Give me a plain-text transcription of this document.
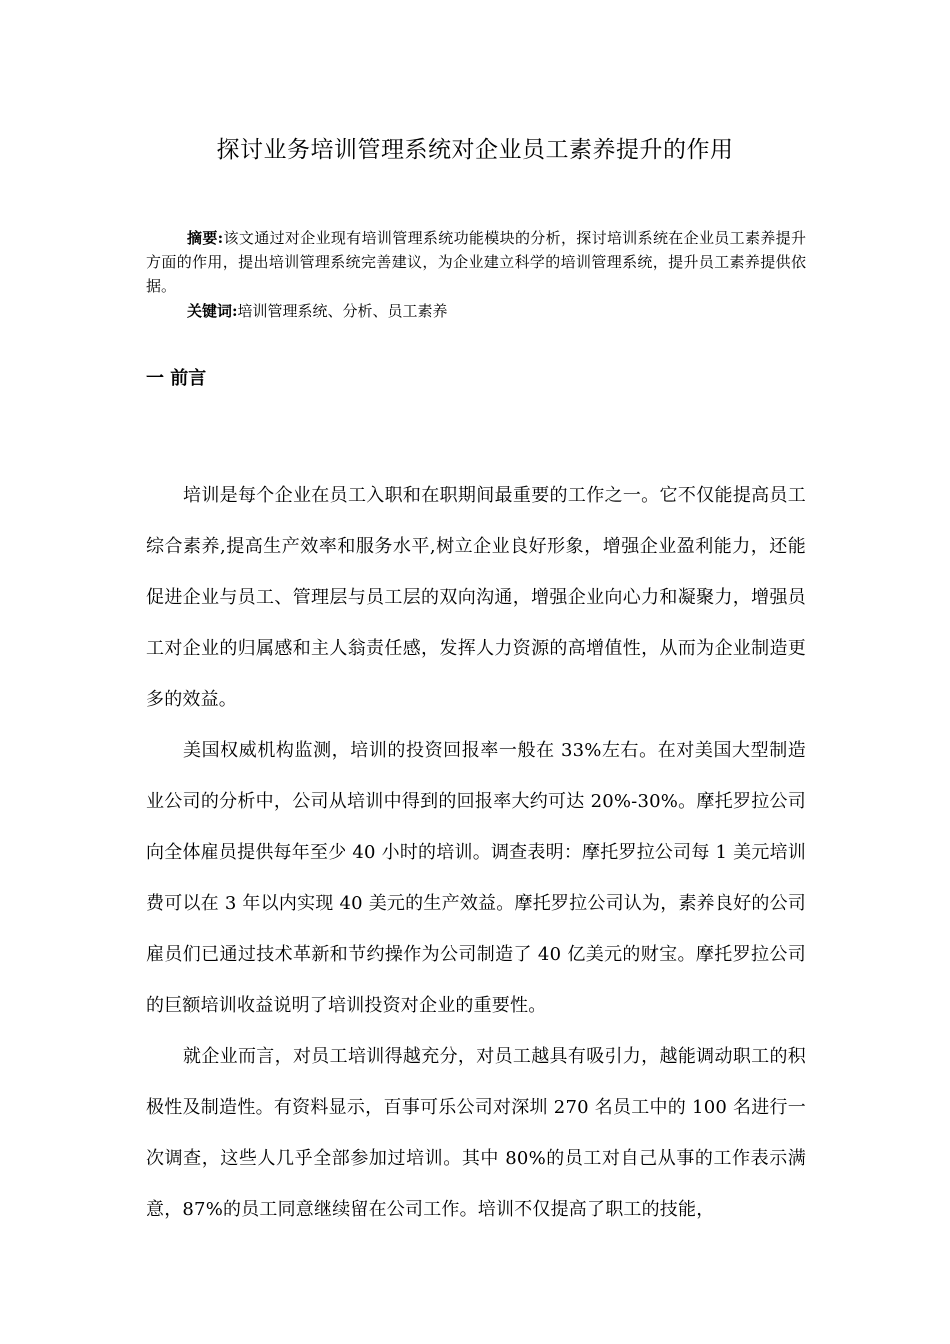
探讨业务培训管理系统对企业员工素养提升的作用

摘要:该文通过对企业现有培训管理系统功能模块的分析，探讨培训系统在企业员工素养提升方面的作用，提出培训管理系统完善建议，为企业建立科学的培训管理系统，提升员工素养提供依据。

关键词:培训管理系统、分析、员工素养

一 前言

培训是每个企业在员工入职和在职期间最重要的工作之一。它不仅能提高员工综合素养,提高生产效率和服务水平,树立企业良好形象，增强企业盈利能力，还能促进企业与员工、管理层与员工层的双向沟通，增强企业向心力和凝聚力，增强员工对企业的归属感和主人翁责任感，发挥人力资源的高增值性，从而为企业制造更多的效益。

美国权威机构监测，培训的投资回报率一般在 33%左右。在对美国大型制造业公司的分析中，公司从培训中得到的回报率大约可达 20%-30%。摩托罗拉公司向全体雇员提供每年至少 40 小时的培训。调查表明：摩托罗拉公司每 1 美元培训费可以在 3 年以内实现 40 美元的生产效益。摩托罗拉公司认为，素养良好的公司雇员们已通过技术革新和节约操作为公司制造了 40 亿美元的财宝。摩托罗拉公司的巨额培训收益说明了培训投资对企业的重要性。

就企业而言，对员工培训得越充分，对员工越具有吸引力，越能调动职工的积极性及制造性。有资料显示，百事可乐公司对深圳 270 名员工中的 100 名进行一次调查，这些人几乎全部参加过培训。其中 80%的员工对自己从事的工作表示满意，87%的员工同意继续留在公司工作。培训不仅提高了职工的技能，
